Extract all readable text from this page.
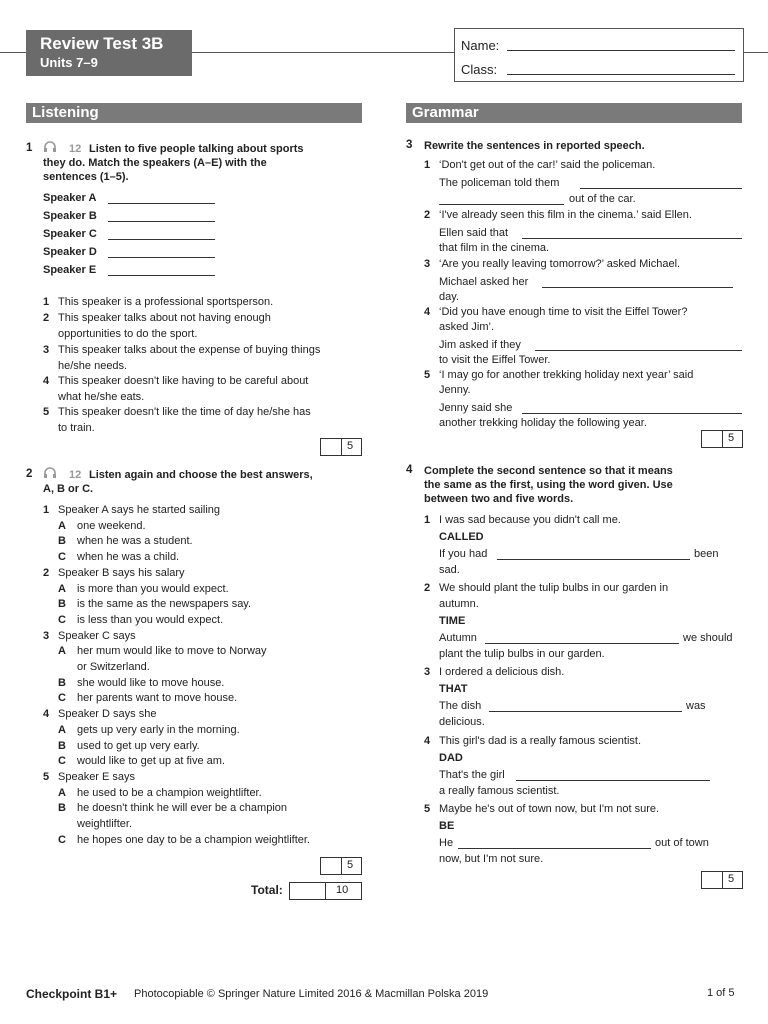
Review Test 3B
Units 7–9
Name:
Class:
Listening	Grammar
1	12 Listen to five people talking about sports
they do. Match the speakers (A–E) with the
sentences (1–5).
Speaker A
Speaker B
Speaker C
Speaker D
Speaker E
1 This speaker is a professional sportsperson.
2 This speaker talks about not having enough
opportunities to do the sport.
3 This speaker talks about the expense of buying things
he/she needs.
4 This speaker doesn't like having to be careful about
what he/she eats.
5 This speaker doesn't like the time of day he/she has
to train.
5
2	12 Listen again and choose the best answers,
A, B or C.
1 Speaker A says he started sailing
A one weekend.
B when he was a student.
C when he was a child.
2 Speaker B says his salary
A is more than you would expect.
B is the same as the newspapers say.
C is less than you would expect.
3 Speaker C says
A her mum would like to move to Norway
or Switzerland.
B she would like to move house.
C her parents want to move house.
4 Speaker D says she
A gets up very early in the morning.
B used to get up very early.
C would like to get up at five am.
5 Speaker E says
A he used to be a champion weightlifter.
B he doesn't think he will ever be a champion
weightlifter.
C he hopes one day to be a champion weightlifter.
5
Total:	10
3 Rewrite the sentences in reported speech.
1 ‘Don't get out of the car!’ said the policeman.
The policeman told them
out of the car.
2 ‘I've already seen this film in the cinema.’ said Ellen.
Ellen said that
that film in the cinema.
3 ‘Are you really leaving tomorrow?’ asked Michael.
Michael asked her
day.
4 ‘Did you have enough time to visit the Eiffel Tower?
asked Jim’.
Jim asked if they
to visit the Eiffel Tower.
5 ‘I may go for another trekking holiday next year’ said
Jenny.
Jenny said she
another trekking holiday the following year.
5
4 Complete the second sentence so that it means
the same as the first, using the word given. Use
between two and five words.
1 I was sad because you didn't call me.
CALLED
If you had	been
sad.
2 We should plant the tulip bulbs in our garden in
autumn.
TIME
Autumn	we should
plant the tulip bulbs in our garden.
3 I ordered a delicious dish.
THAT
The dish	was
delicious.
4 This girl's dad is a really famous scientist.
DAD
That's the girl
a really famous scientist.
5 Maybe he's out of town now, but I'm not sure.
BE
He	out of town
now, but I'm not sure.
5
Checkpoint B1+ Photocopiable © Springer Nature Limited 2016 & Macmillan Polska 2019	1 of 5
